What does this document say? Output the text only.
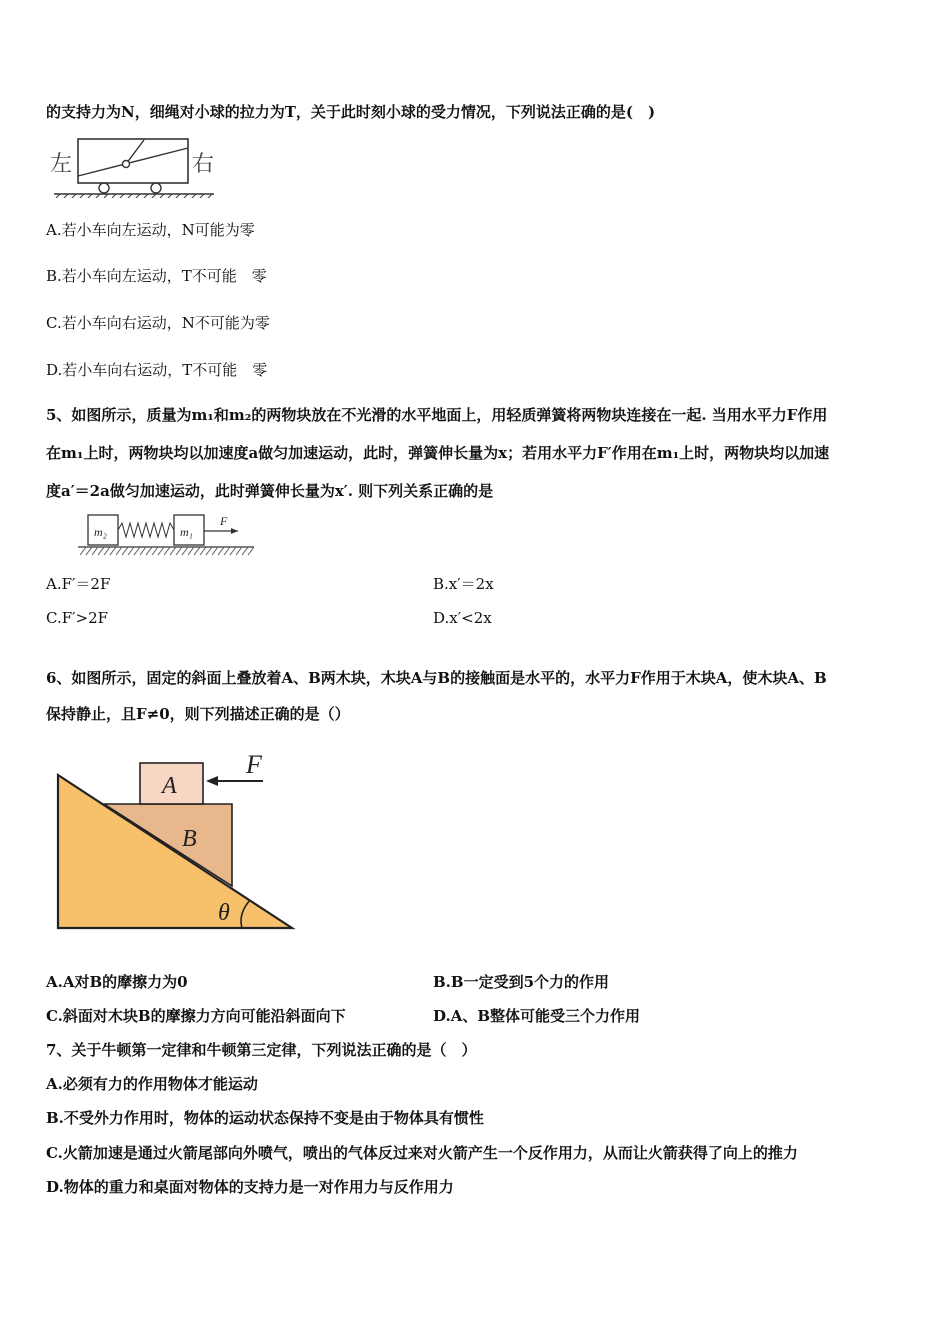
的支持力为N，细绳对小球的拉力为T，关于此时刻小球的受力情况，下列说法正确的是(　)
左	右
A.若小车向左运动，N可能为零
B.若小车向左运动，T不可能　零
C.若小车向右运动，N不可能为零
D.若小车向右运动，T不可能　零
5、如图所示，质量为m₁和m₂的两物块放在不光滑的水平地面上，用轻质弹簧将两物块连接在一起. 当用水平力F作用
在m₁上时，两物块均以加速度a做匀加速运动，此时，弹簧伸长量为x；若用水平力F′作用在m₁上时，两物块均以加速
度a′＝2a做匀加速运动，此时弹簧伸长量为x′. 则下列关系正确的是
m₂	m₁
F
A.F′＝2F	B.x′＝2x
C.F′>2F	D.x′<2x
6、如图所示，固定的斜面上叠放着A、B两木块，木块A与B的接触面是水平的，水平力F作用于木块A，使木块A、B
保持静止，且F≠0，则下列描述正确的是（）
A
B
F
θ
A.A对B的摩擦力为0	B.B一定受到5个力的作用
C.斜面对木块B的摩擦力方向可能沿斜面向下	D.A、B整体可能受三个力作用
7、关于牛顿第一定律和牛顿第三定律，下列说法正确的是（　）
A.必须有力的作用物体才能运动
B.不受外力作用时，物体的运动状态保持不变是由于物体具有惯性
C.火箭加速是通过火箭尾部向外喷气，喷出的气体反过来对火箭产生一个反作用力，从而让火箭获得了向上的推力
D.物体的重力和桌面对物体的支持力是一对作用力与反作用力
